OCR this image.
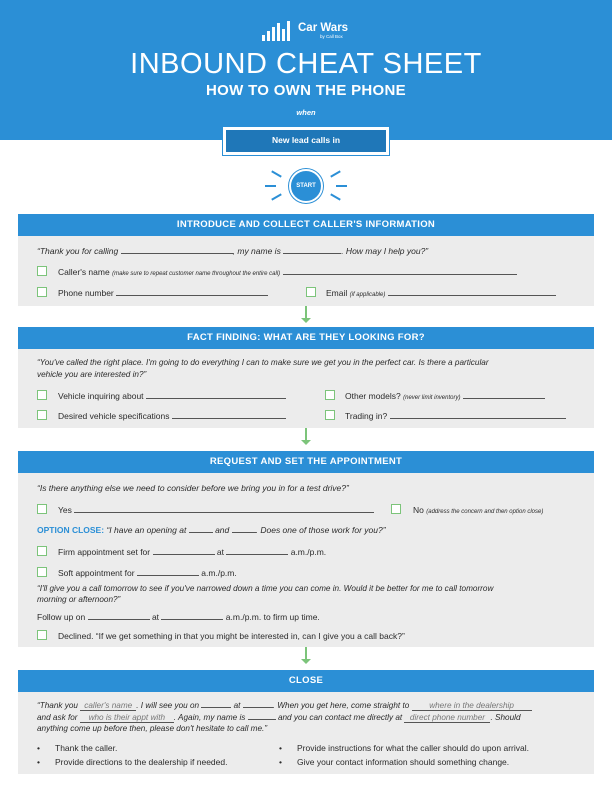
Car Wars
by Call Box
INBOUND CHEAT SHEET
HOW TO OWN THE PHONE
when
New lead calls in
START
INTRODUCE AND COLLECT CALLER'S INFORMATION
“Thank you for calling	, my name is	. How may I help you?”
Caller's name (make sure to repeat customer name throughout the entire call)
Phone number	Email (if applicable)
FACT FINDING: WHAT ARE THEY LOOKING FOR?
“You've called the right place. I'm going to do everything I can to make sure we get you in the perfect car. Is there a particular
vehicle you are interested in?”
Vehicle inquiring about	Other models? (never limit inventory)
Desired vehicle specifications	Trading in?
REQUEST AND SET THE APPOINTMENT
“Is there anything else we need to consider before we bring you in for a test drive?”
Yes	No (address the concern and then option close)
OPTION CLOSE: “I have an opening at	and	. Does one of those work for you?”
Firm appointment set for	at	a.m./p.m.
Soft appointment for	a.m./p.m.
“I'll give you a call tomorrow to see if you've narrowed down a time you can come in. Would it be better for me to call tomorrow
morning or afternoon?”
Follow up on	at	a.m./p.m. to firm up time.
Declined. “If we get something in that you might be interested in, can I give you a call back?”
CLOSE
“Thank you caller's name . I will see you on	at	. When you get here, come straight to where in the dealership
and ask for who is their appt with . Again, my name is	and you can contact me directly at direct phone number . Should
anything come up before then, please don't hesitate to call me.”
• Thank the caller.	• Provide instructions for what the caller should do upon arrival.
• Provide directions to the dealership if needed.	• Give your contact information should something change.
